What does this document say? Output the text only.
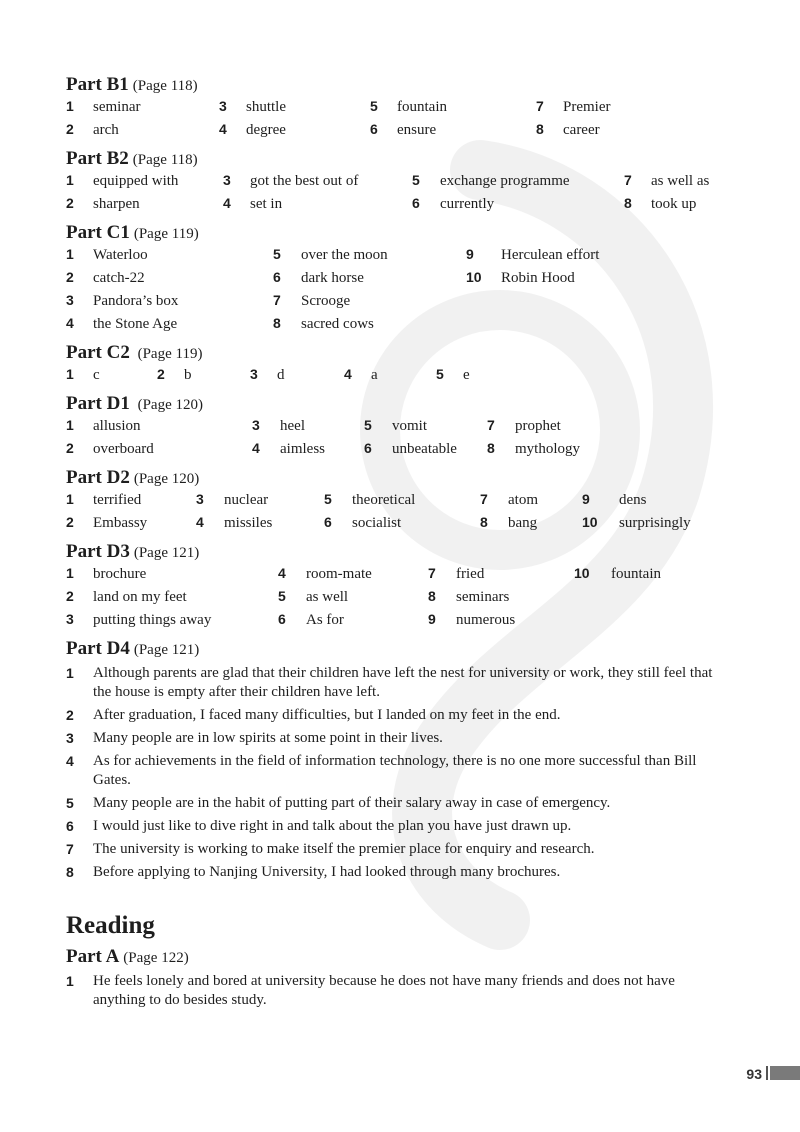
Part B1 (Page 118)
1 seminar	3 shuttle	5 fountain	7 Premier
2 arch	4 degree	6 ensure	8 career
Part B2 (Page 118)
1 equipped with	3 got the best out of	5 exchange programme	7 as well as
2 sharpen	4 set in	6 currently	8 took up
Part C1 (Page 119)
1 Waterloo	5 over the moon	9 Herculean effort
2 catch-22	6 dark horse	10 Robin Hood
3 Pandora’s box	7 Scrooge
4 the Stone Age	8 sacred cows
Part C2 (Page 119)
1 c	2 b	3 d	4 a	5 e
Part D1 (Page 120)
1 allusion	3 heel	5 vomit	7 prophet
2 overboard	4 aimless	6 unbeatable 8 mythology
Part D2 (Page 120)
1 terrified	3 nuclear	5 theoretical	7 atom	9 dens
2 Embassy	4 missiles	6 socialist	8 bang	10 surprisingly
Part D3 (Page 121)
1 brochure	4 room-mate	7 fried	10 fountain
2 land on my feet	5 as well	8 seminars
3 putting things away	6 As for	9 numerous
Part D4 (Page 121)
1	Although parents are glad that their children have left the nest for university or work, they still feel that the house is empty after their children have left.
2	After graduation, I faced many difficulties, but I landed on my feet in the end.
3	Many people are in low spirits at some point in their lives.
4	As for achievements in the field of information technology, there is no one more successful than Bill Gates.
5	Many people are in the habit of putting part of their salary away in case of emergency.
6	I would just like to dive right in and talk about the plan you have just drawn up.
7	The university is working to make itself the premier place for enquiry and research.
8	Before applying to Nanjing University, I had looked through many brochures.
Reading
Part A (Page 122)
1	He feels lonely and bored at university because he does not have many friends and does not have anything to do besides study.
93
